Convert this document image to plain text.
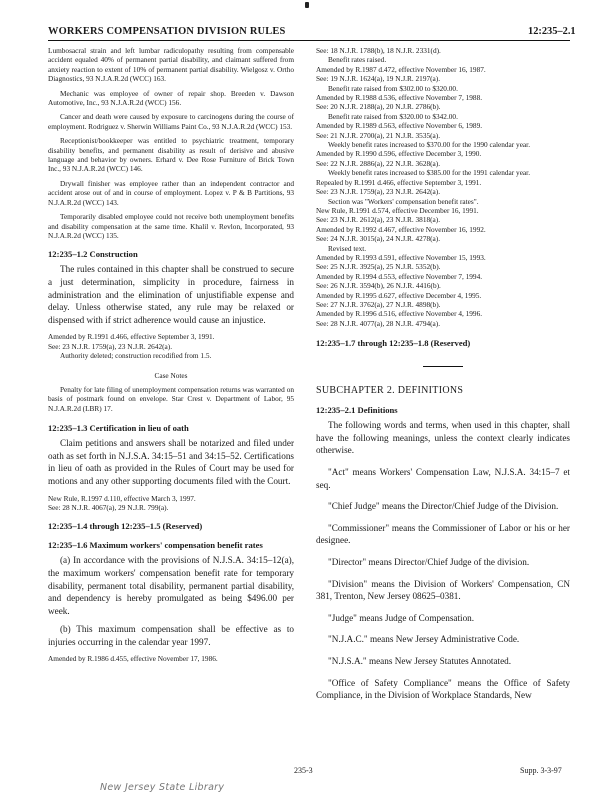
WORKERS COMPENSATION DIVISION RULES	12:235–2.1

Lumbosacral strain and left lumbar radiculopathy resulting from compensable accident equaled 40% of permanent partial disability, and claimant suffered from anxiety reaction to extent of 10% of permanent partial disability. Wielgosz v. Ortho Diagnostics, 93 N.J.A.R.2d (WCC) 163.

Mechanic was employee of owner of repair shop. Breeden v. Dawson Automotive, Inc., 93 N.J.A.R.2d (WCC) 156.

Cancer and death were caused by exposure to carcinogens during the course of employment. Rodriguez v. Sherwin Williams Paint Co., 93 N.J.A.R.2d (WCC) 153.

Receptionist/bookkeeper was entitled to psychiatric treatment, temporary disability benefits, and permanent disability as result of derisive and abusive language and behavior by owners. Erhard v. Dee Rose Furniture of Brick Town Inc., 93 N.J.A.R.2d (WCC) 146.

Drywall finisher was employee rather than an independent contractor and accident arose out of and in course of employment. Lopez v. P & B Partitions, 93 N.J.A.R.2d (WCC) 143.

Temporarily disabled employee could not receive both unemployment benefits and disability compensation at the same time. Khalil v. Revlon, Incorporated, 93 N.J.A.R.2d (WCC) 135.

12:235–1.2 Construction

The rules contained in this chapter shall be construed to secure a just determination, simplicity in procedure, fairness in administration and the elimination of unjustifiable expense and delay. Unless otherwise stated, any rule may be relaxed or dispensed with if strict adherence would cause an injustice.

Amended by R.1991 d.466, effective September 3, 1991.

See: 23 N.J.R. 1759(a), 23 N.J.R. 2642(a).

Authority deleted; construction recodified from 1.5.

Case Notes

Penalty for late filing of unemployment compensation returns was warranted on basis of postmark found on envelope. Star Crest v. Department of Labor, 95 N.J.A.R.2d (LBR) 17.

12:235–1.3 Certification in lieu of oath

Claim petitions and answers shall be notarized and filed under oath as set forth in N.J.S.A. 34:15–51 and 34:15–52. Certifications in lieu of oath as provided in the Rules of Court may be used for motions and any other supporting documents filed with the Court.

New Rule, R.1997 d.110, effective March 3, 1997.

See: 28 N.J.R. 4067(a), 29 N.J.R. 799(a).

12:235–1.4 through 12:235–1.5 (Reserved)

12:235–1.6 Maximum workers' compensation benefit rates

(a) In accordance with the provisions of N.J.S.A. 34:15–12(a), the maximum workers' compensation benefit rate for temporary disability, permanent total disability, permanent partial disability, and dependency is hereby promulgated as being $496.00 per week.

(b) This maximum compensation shall be effective as to injuries occurring in the calendar year 1997.

Amended by R.1986 d.455, effective November 17, 1986.

See: 18 N.J.R. 1788(b), 18 N.J.R. 2331(d).

Benefit rates raised.

Amended by R.1987 d.472, effective November 16, 1987.

See: 19 N.J.R. 1624(a), 19 N.J.R. 2197(a).

Benefit rate raised from $302.00 to $320.00.

Amended by R.1988 d.536, effective November 7, 1988.

See: 20 N.J.R. 2188(a), 20 N.J.R. 2786(b).

Benefit rate raised from $320.00 to $342.00.

Amended by R.1989 d.563, effective November 6, 1989.

See: 21 N.J.R. 2700(a), 21 N.J.R. 3535(a).

Weekly benefit rates increased to $370.00 for the 1990 calendar year.

Amended by R.1990 d.596, effective December 3, 1990.

See: 22 N.J.R. 2886(a), 22 N.J.R. 3628(a).

Weekly benefit rates increased to $385.00 for the 1991 calendar year.

Repealed by R.1991 d.466, effective September 3, 1991.

See: 23 N.J.R. 1759(a), 23 N.J.R. 2642(a).

Section was "Workers' compensation benefit rates".

New Rule, R.1991 d.574, effective December 16, 1991.

See: 23 N.J.R. 2612(a), 23 N.J.R. 3818(a).

Amended by R.1992 d.467, effective November 16, 1992.

See: 24 N.J.R. 3015(a), 24 N.J.R. 4278(a).

Revised text.

Amended by R.1993 d.591, effective November 15, 1993.

See: 25 N.J.R. 3925(a), 25 N.J.R. 5352(b).

Amended by R.1994 d.553, effective November 7, 1994.

See: 26 N.J.R. 3594(b), 26 N.J.R. 4416(b).

Amended by R.1995 d.627, effective December 4, 1995.

See: 27 N.J.R. 3762(a), 27 N.J.R. 4898(b).

Amended by R.1996 d.516, effective November 4, 1996.

See: 28 N.J.R. 4077(a), 28 N.J.R. 4794(a).

12:235–1.7 through 12:235–1.8 (Reserved)

SUBCHAPTER 2. DEFINITIONS

12:235–2.1 Definitions

The following words and terms, when used in this chapter, shall have the following meanings, unless the context clearly indicates otherwise.

"Act" means Workers' Compensation Law, N.J.S.A. 34:15–7 et seq.

"Chief Judge" means the Director/Chief Judge of the Division.

"Commissioner" means the Commissioner of Labor or his or her designee.

"Director" means Director/Chief Judge of the division.

"Division" means the Division of Workers' Compensation, CN 381, Trenton, New Jersey 08625–0381.

"Judge" means Judge of Compensation.

"N.J.A.C." means New Jersey Administrative Code.

"N.J.S.A." means New Jersey Statutes Annotated.

"Office of Safety Compliance" means the Office of Safety Compliance, in the Division of Workplace Standards, New

235-3	Supp. 3-3-97
New Jersey State Library
